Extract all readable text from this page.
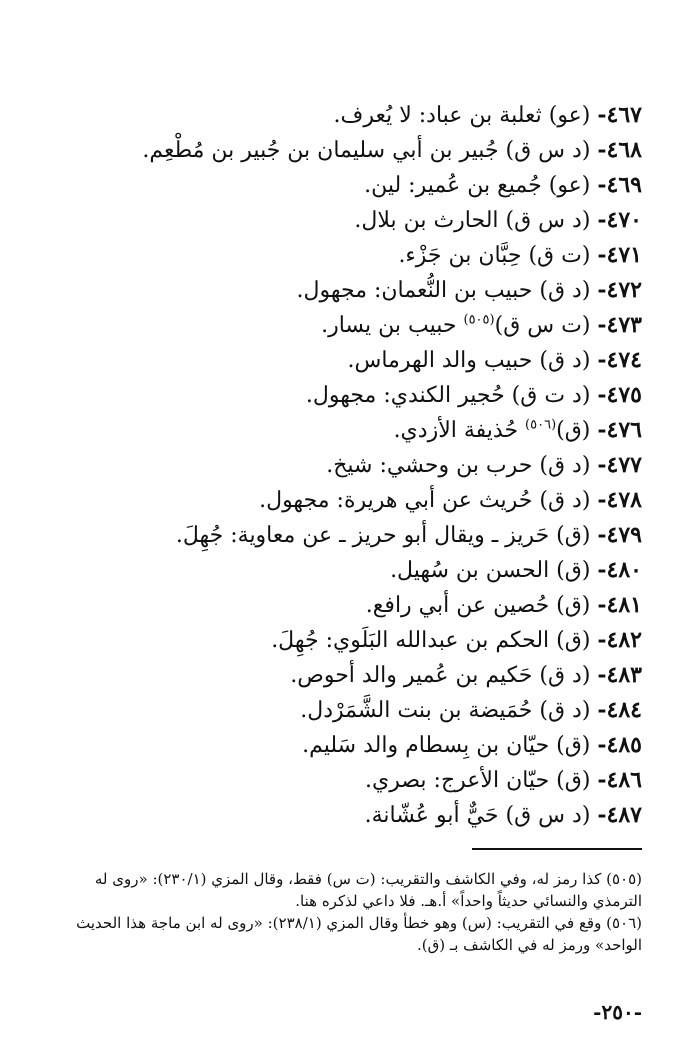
٤٦٧- (عو) ثعلبة بن عباد: لا يُعرف.
٤٦٨- (د س ق) جُبير بن أبي سليمان بن جُبير بن مُطْعِم.
٤٦٩- (عو) جُميع بن عُمير: لين.
٤٧٠- (د س ق) الحارث بن بلال.
٤٧١- (ت ق) حِبَّان بن جَزْء.
٤٧٢- (د ق) حبيب بن النُّعمان: مجهول.
٤٧٣- (ت س ق)$^{(٥٠٥)}$ حبيب بن يسار.
٤٧٤- (د ق) حبيب والد الهرماس.
٤٧٥- (د ت ق) حُجير الكندي: مجهول.
٤٧٦- (ق)$^{(٥٠٦)}$ حُذيفة الأزدي.
٤٧٧- (د ق) حرب بن وحشي: شيخ.
٤٧٨- (د ق) حُريث عن أبي هريرة: مجهول.
٤٧٩- (ق) حَريز ـ ويقال أبو حريز ـ عن معاوية: جُهِلَ.
٤٨٠- (ق) الحسن بن سُهيل.
٤٨١- (ق) حُصين عن أبي رافع.
٤٨٢- (ق) الحكم بن عبدالله البَلَوي: جُهِلَ.
٤٨٣- (د ق) حَكيم بن عُمير والد أحوص.
٤٨٤- (د ق) حُمَيضة بن بنت الشَّمَرْدل.
٤٨٥- (ق) حيّان بن بِسطام والد سَليم.
٤٨٦- (ق) حيّان الأعرج: بصري.
٤٨٧- (د س ق) حَيٌّ أبو عُشّانة.

(٥٠٥) كذا رمز له، وفي الكاشف والتقريب: (ت س) فقط، وقال المزي (٢٣٠/١): «روى له الترمذي والنسائي حديثاً واحداً» أ.هـ. فلا داعي لذكره هنا.

(٥٠٦) وقع في التقريب: (س) وهو خطأ وقال المزي (٢٣٨/١): «روى له ابن ماجة هذا الحديث الواحد» ورمز له في الكاشف بـ (ق).

-٢٥٠-
